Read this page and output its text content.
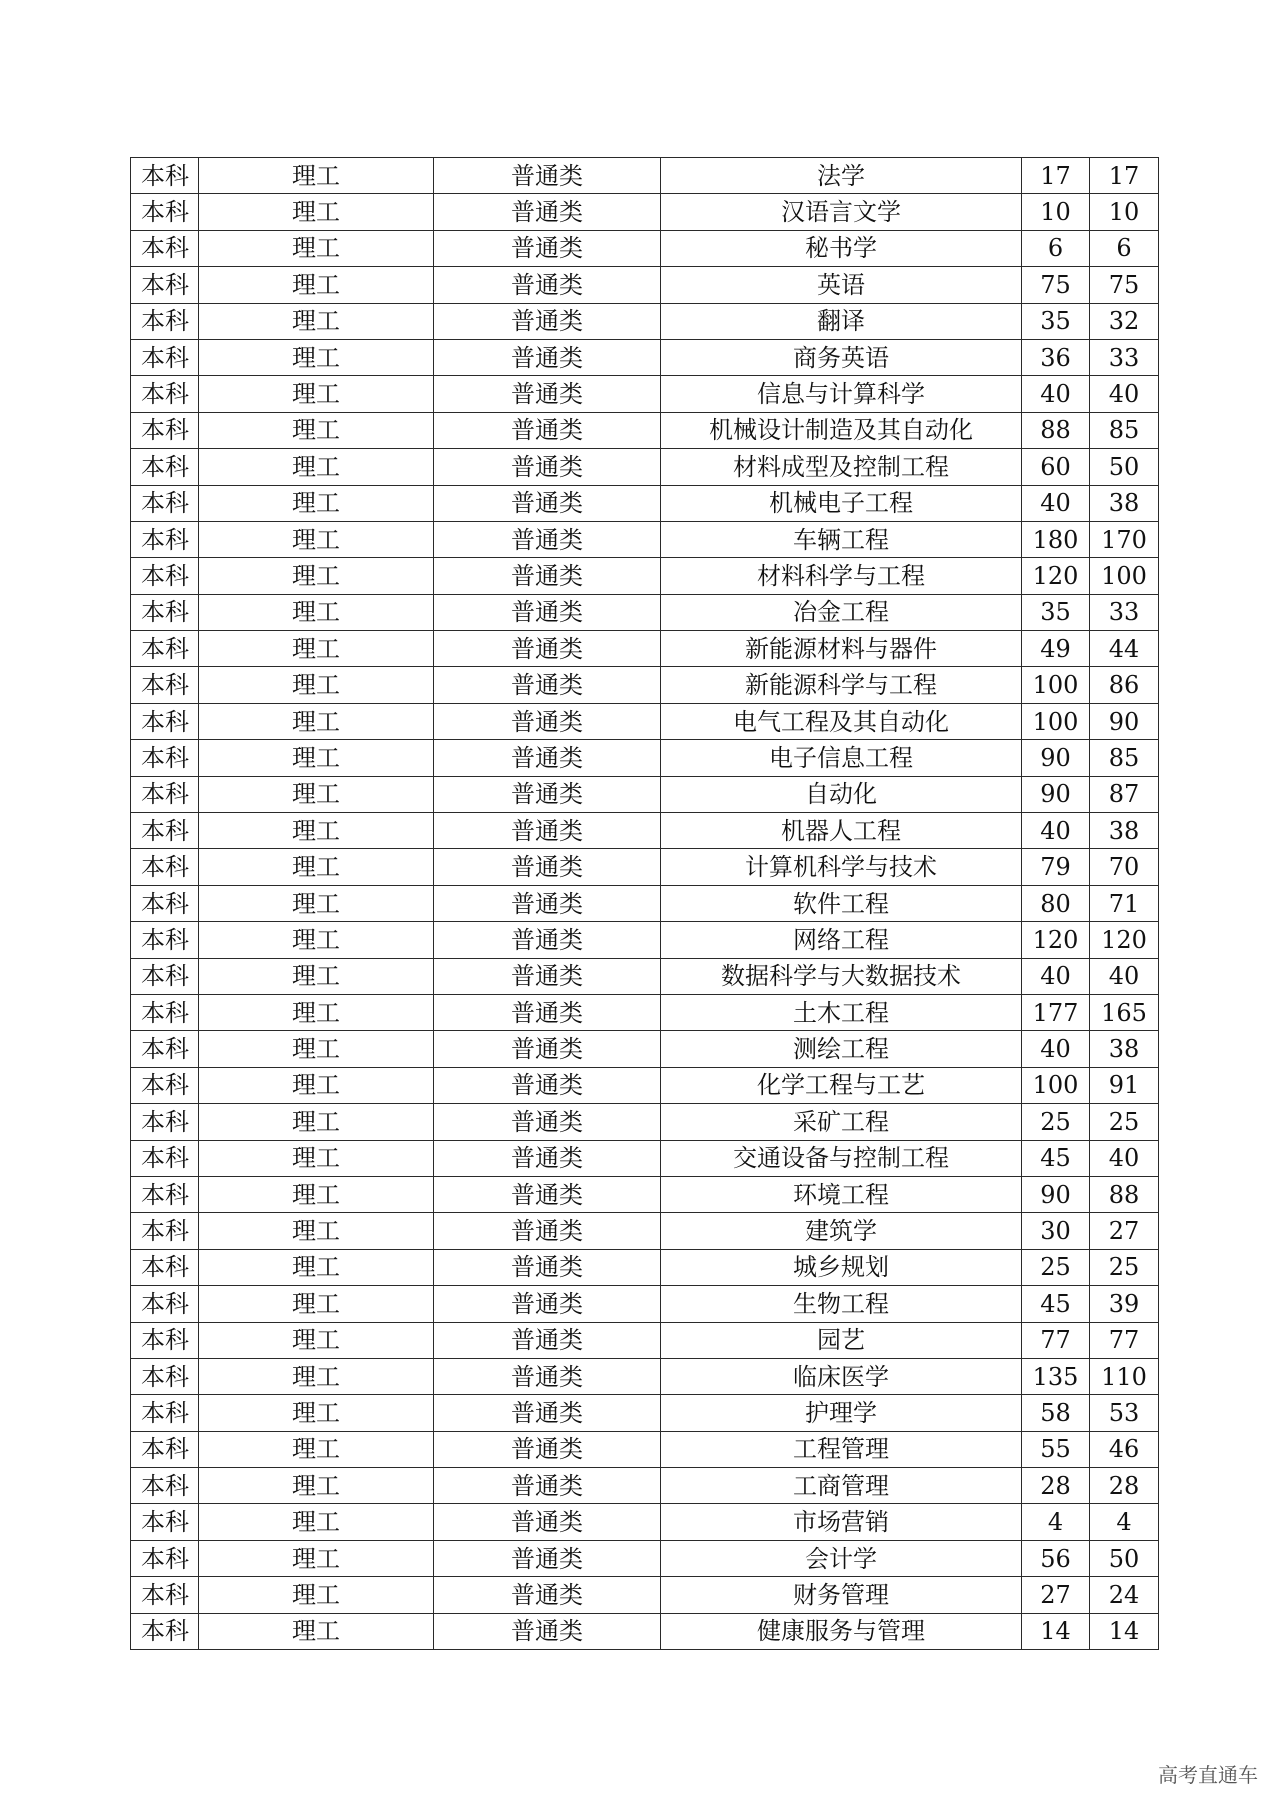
本科	理工	普通类	法学	17	17
本科	理工	普通类	汉语言文学	10	10
本科	理工	普通类	秘书学	6	6
本科	理工	普通类	英语	75	75
本科	理工	普通类	翻译	35	32
本科	理工	普通类	商务英语	36	33
本科	理工	普通类	信息与计算科学	40	40
本科	理工	普通类	机械设计制造及其自动化	88	85
本科	理工	普通类	材料成型及控制工程	60	50
本科	理工	普通类	机械电子工程	40	38
本科	理工	普通类	车辆工程	180	170
本科	理工	普通类	材料科学与工程	120	100
本科	理工	普通类	冶金工程	35	33
本科	理工	普通类	新能源材料与器件	49	44
本科	理工	普通类	新能源科学与工程	100	86
本科	理工	普通类	电气工程及其自动化	100	90
本科	理工	普通类	电子信息工程	90	85
本科	理工	普通类	自动化	90	87
本科	理工	普通类	机器人工程	40	38
本科	理工	普通类	计算机科学与技术	79	70
本科	理工	普通类	软件工程	80	71
本科	理工	普通类	网络工程	120	120
本科	理工	普通类	数据科学与大数据技术	40	40
本科	理工	普通类	土木工程	177	165
本科	理工	普通类	测绘工程	40	38
本科	理工	普通类	化学工程与工艺	100	91
本科	理工	普通类	采矿工程	25	25
本科	理工	普通类	交通设备与控制工程	45	40
本科	理工	普通类	环境工程	90	88
本科	理工	普通类	建筑学	30	27
本科	理工	普通类	城乡规划	25	25
本科	理工	普通类	生物工程	45	39
本科	理工	普通类	园艺	77	77
本科	理工	普通类	临床医学	135	110
本科	理工	普通类	护理学	58	53
本科	理工	普通类	工程管理	55	46
本科	理工	普通类	工商管理	28	28
本科	理工	普通类	市场营销	4	4
本科	理工	普通类	会计学	56	50
本科	理工	普通类	财务管理	27	24
本科	理工	普通类	健康服务与管理	14	14
高考直通车
